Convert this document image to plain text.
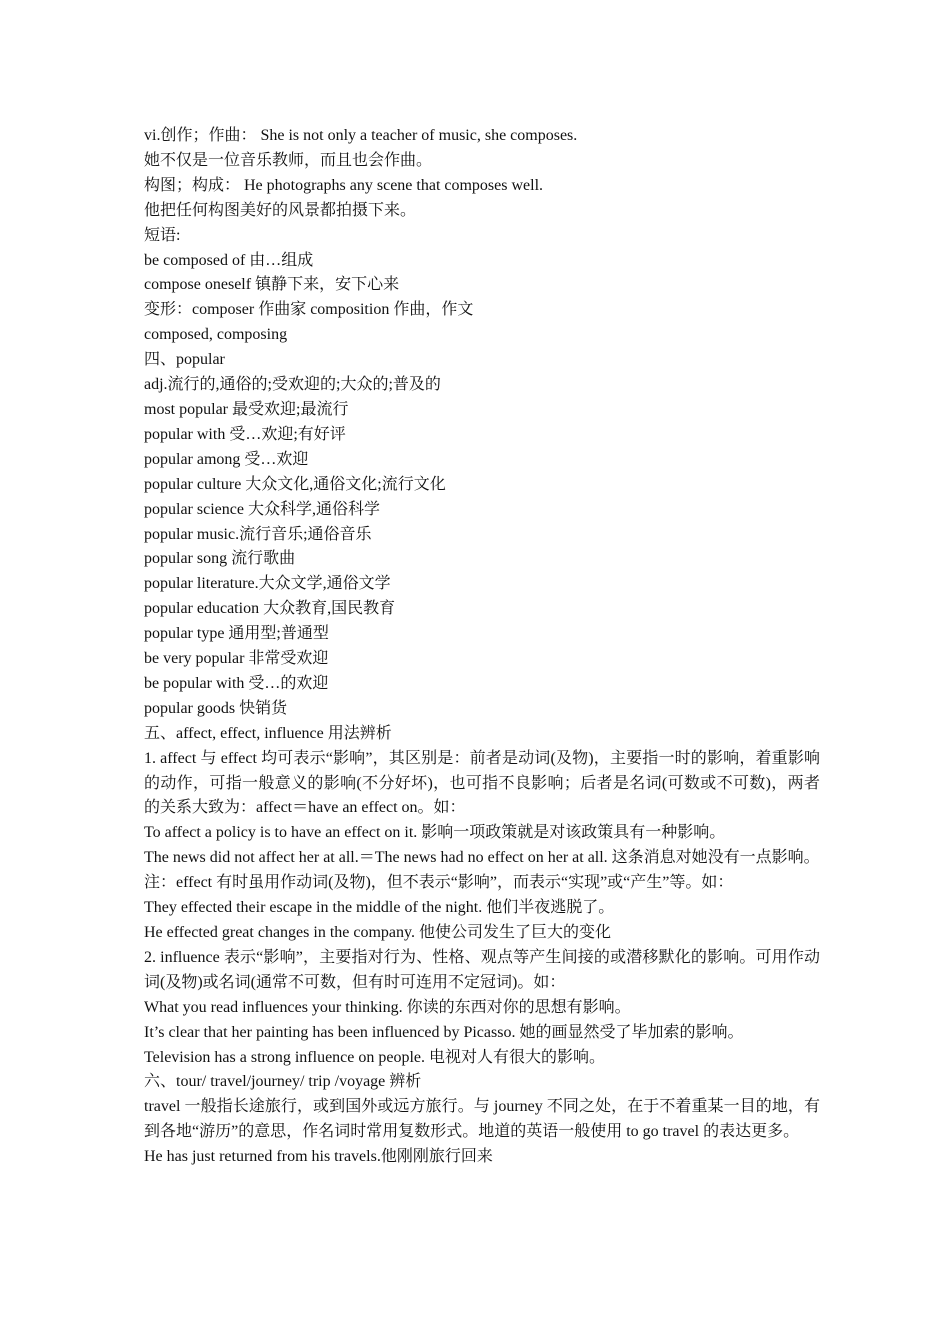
vi.创作；作曲： She is not only a teacher of music, she composes.
她不仅是一位音乐教师，而且也会作曲。
构图；构成： He photographs any scene that composes well.
他把任何构图美好的风景都拍摄下来。
短语:
be composed of 由…组成
compose oneself 镇静下来，安下心来
变形：composer 作曲家 composition 作曲，作文
composed, composing
四、popular
adj.流行的,通俗的;受欢迎的;大众的;普及的
most popular 最受欢迎;最流行
popular with 受…欢迎;有好评
popular among 受…欢迎
popular culture 大众文化,通俗文化;流行文化
popular science 大众科学,通俗科学
popular music.流行音乐;通俗音乐
popular song 流行歌曲
popular literature.大众文学,通俗文学
popular education 大众教育,国民教育
popular type 通用型;普通型
be very popular 非常受欢迎
be popular with 受…的欢迎
popular goods 快销货
五、affect, effect, influence 用法辨析
1. affect 与 effect 均可表示“影响”，其区别是：前者是动词(及物)，主要指一时的影响，着重影响的动作，可指一般意义的影响(不分好坏)，也可指不良影响；后者是名词(可数或不可数)，两者的关系大致为：affect＝have an effect on。如：
To affect a policy is to have an effect on it. 影响一项政策就是对该政策具有一种影响。
The news did not affect her at all.＝The news had no effect on her at all. 这条消息对她没有一点影响。
注：effect 有时虽用作动词(及物)，但不表示“影响”，而表示“实现”或“产生”等。如：
They effected their escape in the middle of the night. 他们半夜逃脱了。
He effected great changes in the company. 他使公司发生了巨大的变化
2. influence 表示“影响”，主要指对行为、性格、观点等产生间接的或潜移默化的影响。可用作动词(及物)或名词(通常不可数，但有时可连用不定冠词)。如：
What you read influences your thinking. 你读的东西对你的思想有影响。
It’s clear that her painting has been influenced by Picasso. 她的画显然受了毕加索的影响。
Television has a strong influence on people. 电视对人有很大的影响。
六、tour/ travel/journey/ trip /voyage 辨析
travel 一般指长途旅行，或到国外或远方旅行。与 journey 不同之处，在于不着重某一目的地，有到各地“游历”的意思，作名词时常用复数形式。地道的英语一般使用 to go travel 的表达更多。
He has just returned from his travels.他刚刚旅行回来
